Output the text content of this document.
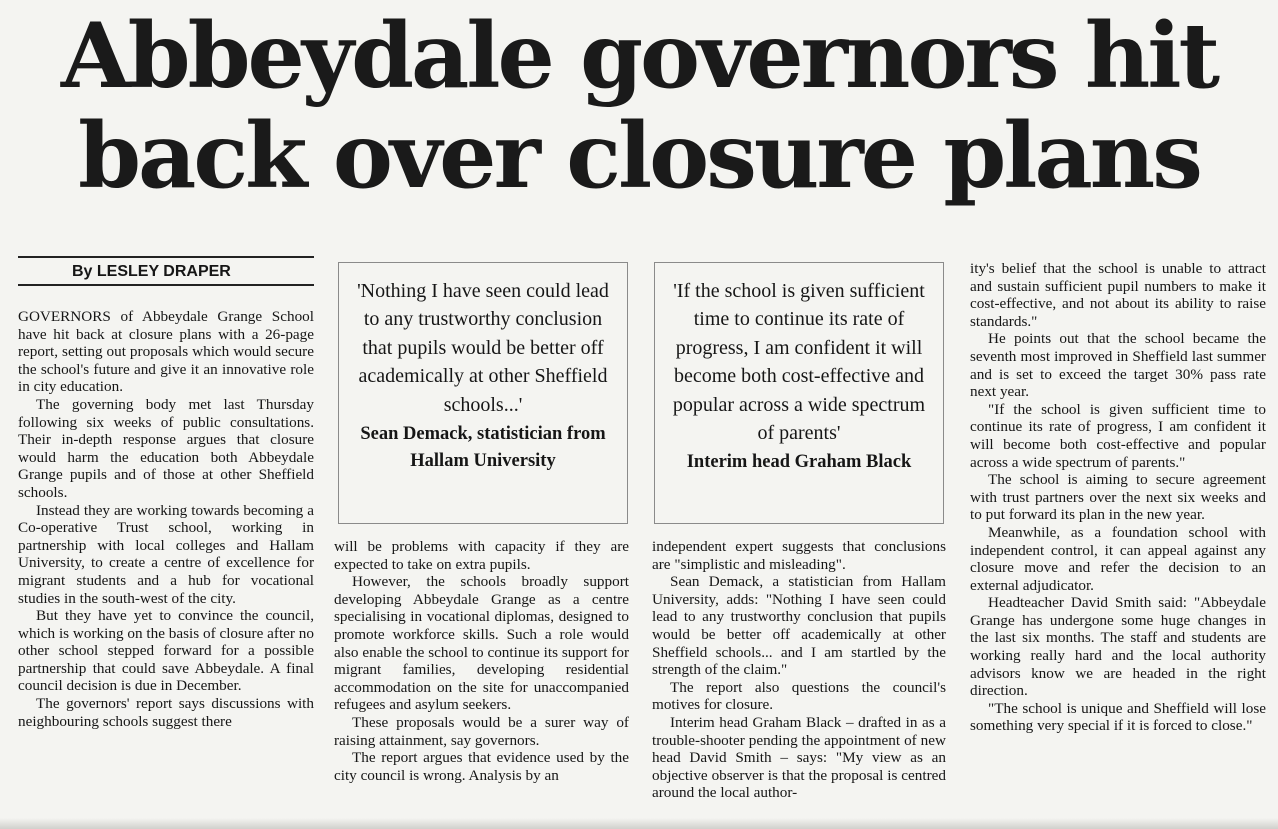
Abbeydale governors hit
back over closure plans
By LESLEY DRAPER

GOVERNORS of Abbeydale Grange School have hit back at closure plans with a 26-page report, setting out proposals which would secure the school's future and give it an innovative role in city education.

The governing body met last Thursday following six weeks of public consultations. Their in-depth response argues that closure would harm the education both Abbeydale Grange pupils and of those at other Sheffield schools.

Instead they are working towards becoming a Co-operative Trust school, working in partnership with local colleges and Hallam University, to create a centre of excellence for migrant students and a hub for vocational studies in the south-west of the city.

But they have yet to convince the council, which is working on the basis of closure after no other school stepped forward for a possible partnership that could save Abbeydale. A final council decision is due in December.

The governors' report says discussions with neighbouring schools suggest there

'Nothing I have seen could lead to any trustworthy conclusion that pupils would be better off academically at other Sheffield schools...'

Sean Demack, statistician from Hallam University

'If the school is given sufficient time to continue its rate of progress, I am confident it will become both cost-effective and popular across a wide spectrum of parents'

Interim head Graham Black

will be problems with capacity if they are expected to take on extra pupils.

However, the schools broadly support developing Abbeydale Grange as a centre specialising in vocational diplomas, designed to promote workforce skills. Such a role would also enable the school to continue its support for migrant families, developing residential accommodation on the site for unaccompanied refugees and asylum seekers.

These proposals would be a surer way of raising attainment, say governors.

The report argues that evidence used by the city council is wrong. Analysis by an

independent expert suggests that conclusions are "simplistic and misleading".

Sean Demack, a statistician from Hallam University, adds: "Nothing I have seen could lead to any trustworthy conclusion that pupils would be better off academically at other Sheffield schools... and I am startled by the strength of the claim."

The report also questions the council's motives for closure.

Interim head Graham Black – drafted in as a trouble-shooter pending the appointment of new head David Smith – says: "My view as an objective observer is that the proposal is centred around the local author-

ity's belief that the school is unable to attract and sustain sufficient pupil numbers to make it cost-effective, and not about its ability to raise standards."

He points out that the school became the seventh most improved in Sheffield last summer and is set to exceed the target 30% pass rate next year.

"If the school is given sufficient time to continue its rate of progress, I am confident it will become both cost-effective and popular across a wide spectrum of parents."

The school is aiming to secure agreement with trust partners over the next six weeks and to put forward its plan in the new year.

Meanwhile, as a foundation school with independent control, it can appeal against any closure move and refer the decision to an external adjudicator.

Headteacher David Smith said: "Abbeydale Grange has undergone some huge changes in the last six months. The staff and students are working really hard and the local authority advisors know we are headed in the right direction.

"The school is unique and Sheffield will lose something very special if it is forced to close."
